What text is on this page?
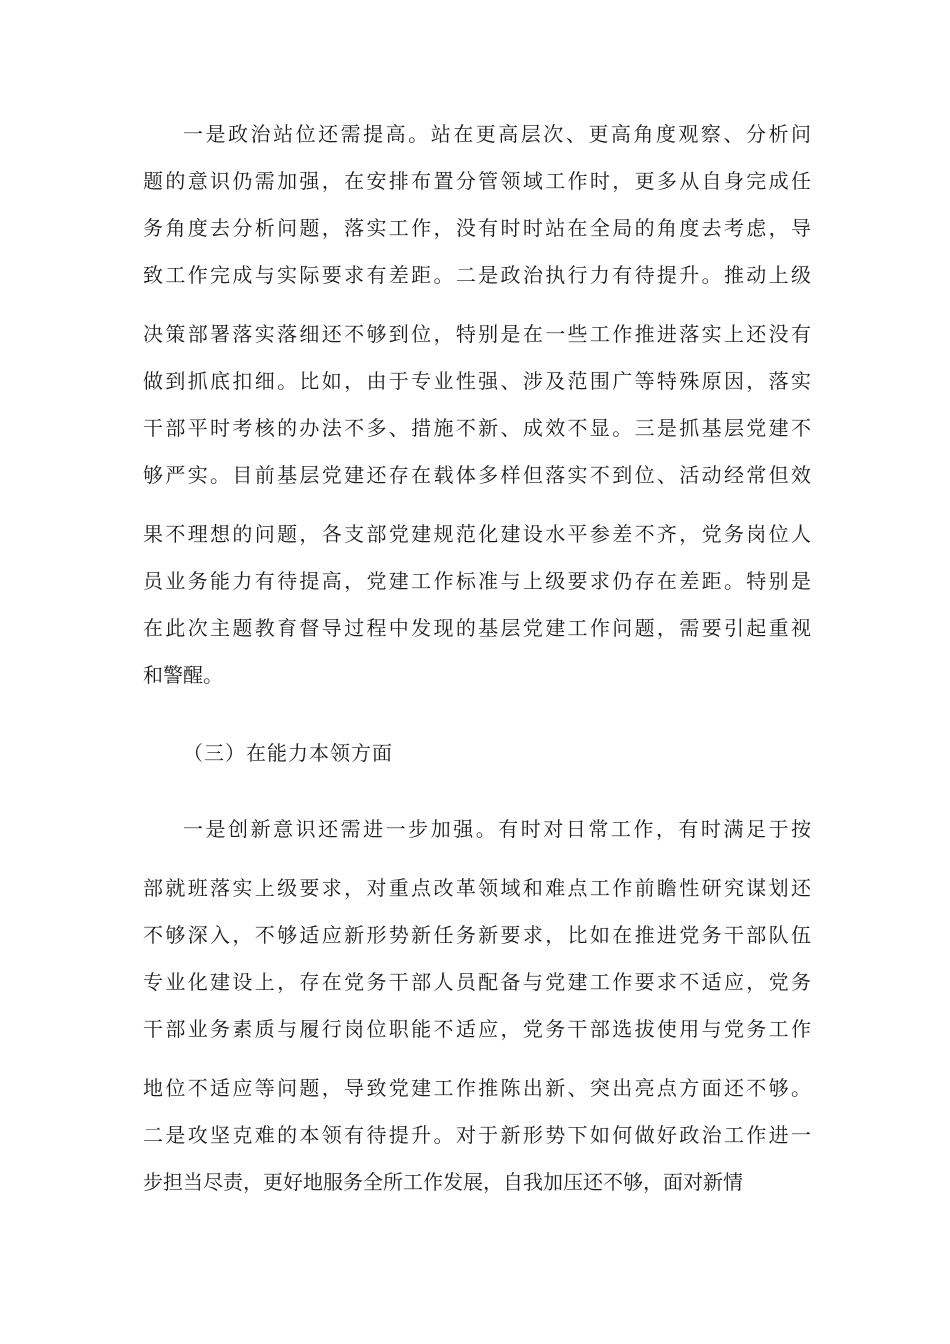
一是政治站位还需提高。站在更高层次、更高角度观察、分析问
题的意识仍需加强，在安排布置分管领域工作时，更多从自身完成任
务角度去分析问题，落实工作，没有时时站在全局的角度去考虑，导
致工作完成与实际要求有差距。二是政治执行力有待提升。推动上级
决策部署落实落细还不够到位，特别是在一些工作推进落实上还没有
做到抓底扣细。比如，由于专业性强、涉及范围广等特殊原因，落实
干部平时考核的办法不多、措施不新、成效不显。三是抓基层党建不
够严实。目前基层党建还存在载体多样但落实不到位、活动经常但效
果不理想的问题，各支部党建规范化建设水平参差不齐，党务岗位人
员业务能力有待提高，党建工作标准与上级要求仍存在差距。特别是
在此次主题教育督导过程中发现的基层党建工作问题，需要引起重视
和警醒。
（三）在能力本领方面
一是创新意识还需进一步加强。有时对日常工作，有时满足于按
部就班落实上级要求，对重点改革领域和难点工作前瞻性研究谋划还
不够深入，不够适应新形势新任务新要求，比如在推进党务干部队伍
专业化建设上，存在党务干部人员配备与党建工作要求不适应，党务
干部业务素质与履行岗位职能不适应，党务干部选拔使用与党务工作
地位不适应等问题，导致党建工作推陈出新、突出亮点方面还不够。
二是攻坚克难的本领有待提升。对于新形势下如何做好政治工作进一
步担当尽责，更好地服务全所工作发展，自我加压还不够，面对新情
